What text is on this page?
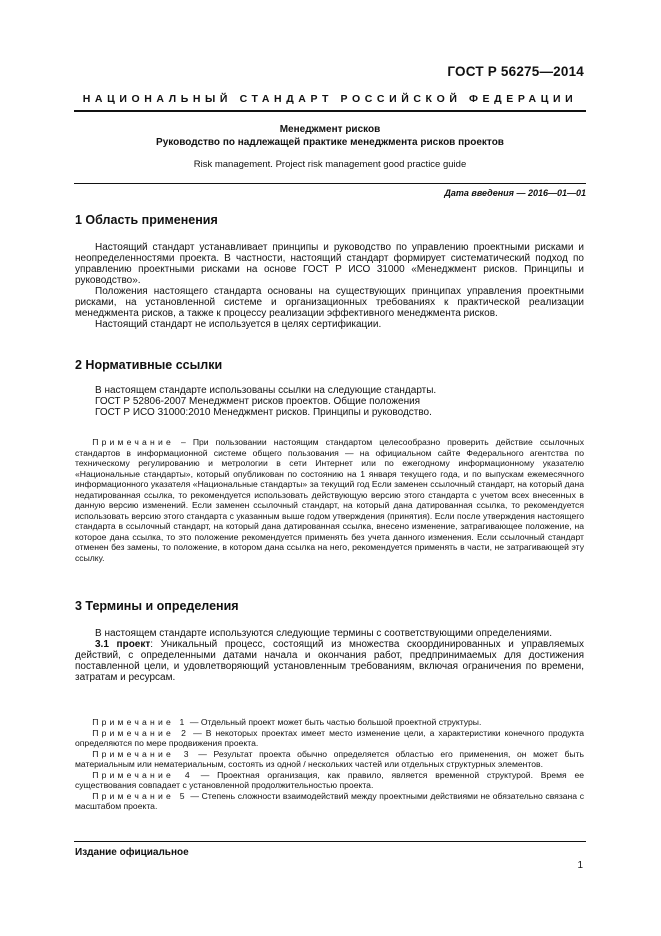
ГОСТ Р 56275—2014
НАЦИОНАЛЬНЫЙ СТАНДАРТ РОССИЙСКОЙ ФЕДЕРАЦИИ
Менеджмент рисков
Руководство по надлежащей практике менеджмента рисков проектов
Risk management. Project risk management good practice guide
Дата введения — 2016—01—01
1 Область применения

Настоящий стандарт устанавливает принципы и руководство по управлению проектными рисками и неопределенностями проекта. В частности, настоящий стандарт формирует систематический подход по управлению проектными рисками на основе ГОСТ Р ИСО 31000 «Менеджмент рисков. Принципы и руководство».

Положения настоящего стандарта основаны на существующих принципах управления проектными рисками, на установленной системе и организационных требованиях к практической реализации менеджмента рисков, а также к процессу реализации эффективного менеджмента рисков.

Настоящий стандарт не используется в целях сертификации.

2 Нормативные ссылки

В настоящем стандарте использованы ссылки на следующие стандарты.

ГОСТ Р 52806-2007 Менеджмент рисков проектов. Общие положения

ГОСТ Р ИСО 31000:2010 Менеджмент рисков. Принципы и руководство.

Примечание – При пользовании настоящим стандартом целесообразно проверить действие ссылочных стандартов в информационной системе общего пользования — на официальном сайте Федерального агентства по техническому регулированию и метрологии в сети Интернет или по ежегодному информационному указателю «Национальные стандарты», который опубликован по состоянию на 1 января текущего года, и по выпускам ежемесячного информационного указателя «Национальные стандарты» за текущий год Если заменен ссылочный стандарт, на который дана недатированная ссылка, то рекомендуется использовать действующую версию этого стандарта с учетом всех внесенных в данную версию изменений. Если заменен ссылочный стандарт, на который дана датированная ссылка, то рекомендуется использовать версию этого стандарта с указанным выше годом утверждения (принятия). Если после утверждения настоящего стандарта в ссылочный стандарт, на который дана датированная ссылка, внесено изменение, затрагивающее положение, на которое дана ссылка, то это положение рекомендуется применять без учета данного изменения. Если ссылочный стандарт отменен без замены, то положение, в котором дана ссылка на него, рекомендуется применять в части, не затрагивающей эту ссылку.
3 Термины и определения

В настоящем стандарте используются следующие термины с соответствующими определениями.

3.1 проект: Уникальный процесс, состоящий из множества скоординированных и управляемых действий, с определенными датами начала и окончания работ, предпринимаемых для достижения поставленной цели, и удовлетворяющий установленным требованиям, включая ограничения по времени, затратам и ресурсам.

Примечание 1 — Отдельный проект может быть частью большой проектной структуры.

Примечание 2 — В некоторых проектах имеет место изменение цели, а характеристики конечного продукта определяются по мере продвижения проекта.

Примечание 3 — Результат проекта обычно определяется областью его применения, он может быть материальным или нематериальным, состоять из одной / нескольких частей или отдельных структурных элементов.

Примечание 4 — Проектная организация, как правило, является временной структурой. Время ее существования совпадает с установленной продолжительностью проекта.

Примечание 5 — Степень сложности взаимодействий между проектными действиями не обязательно связана с масштабом проекта.

Издание официальное
1
